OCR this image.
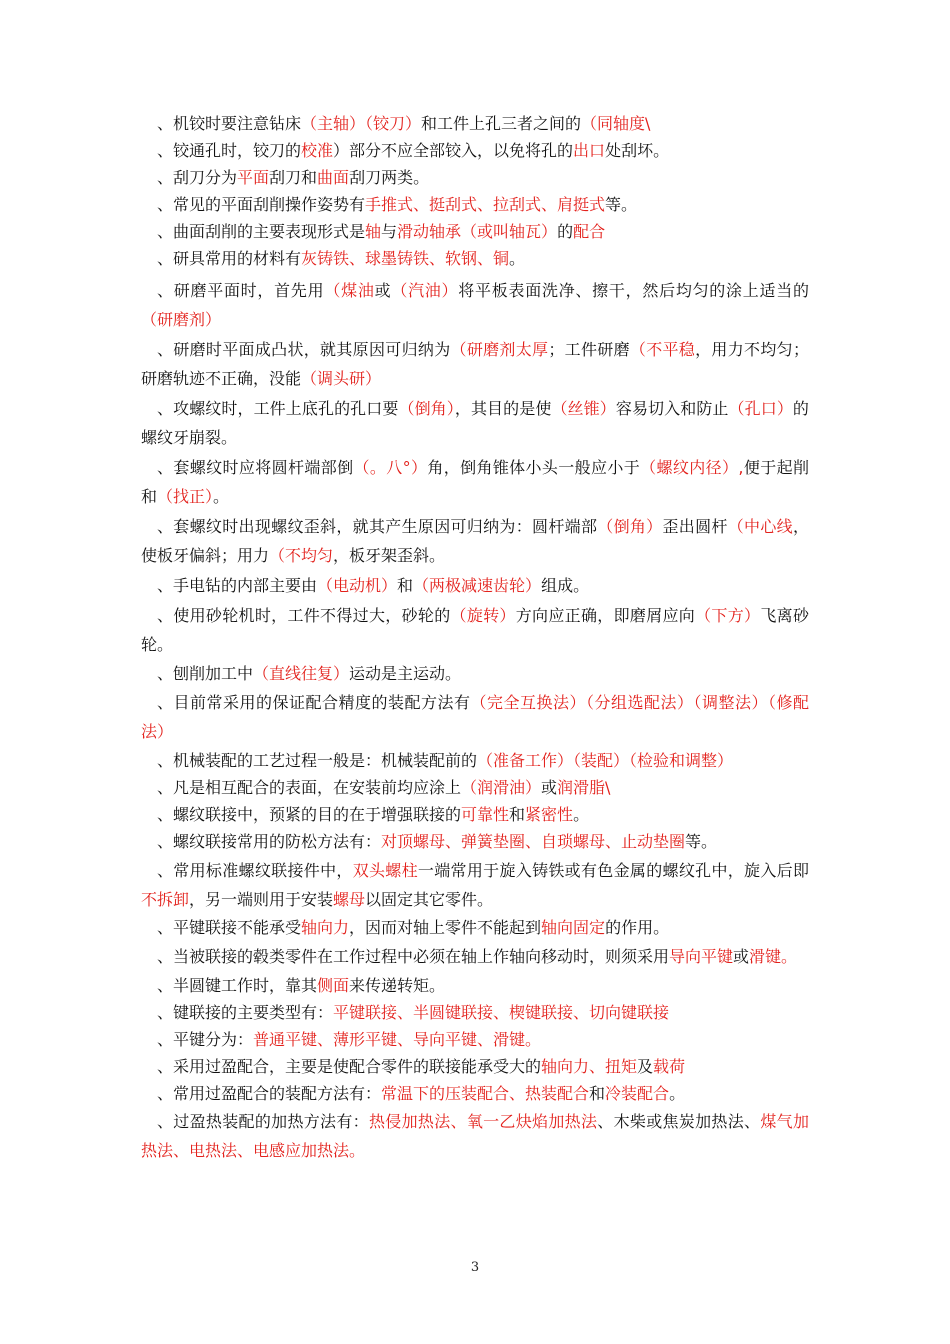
、机铰时要注意钻床（主轴）（铰刀）和工件上孔三者之间的（同轴度\
、铰通孔时，铰刀的校准）部分不应全部铰入，以免将孔的出口处刮坏。
、刮刀分为平面刮刀和曲面刮刀两类。
、常见的平面刮削操作姿势有手推式、挺刮式、拉刮式、肩挺式等。
、曲面刮削的主要表现形式是轴与滑动轴承（或叫轴瓦）的配合
、研具常用的材料有灰铸铁、球墨铸铁、软钢、铜。
、研磨平面时，首先用（煤油或（汽油）将平板表面洗净、擦干，然后均匀的涂上适当的（研磨剂）
、研磨时平面成凸状，就其原因可归纳为（研磨剂太厚；工件研磨（不平稳，用力不均匀；研磨轨迹不正确，没能（调头研）
、攻螺纹时，工件上底孔的孔口要（倒角），其目的是使（丝锥）容易切入和防止（孔口）的螺纹牙崩裂。
、套螺纹时应将圆杆端部倒（。八°）角，倒角锥体小头一般应小于（螺纹内径）,便于起削和（找正）。
、套螺纹时出现螺纹歪斜，就其产生原因可归纳为：圆杆端部（倒角）歪出圆杆（中心线，使板牙偏斜；用力（不均匀，板牙架歪斜。
、手电钻的内部主要由（电动机）和（两极减速齿轮）组成。
、使用砂轮机时，工件不得过大，砂轮的（旋转）方向应正确，即磨屑应向（下方）飞离砂轮。
、刨削加工中（直线往复）运动是主运动。
、目前常采用的保证配合精度的装配方法有（完全互换法）（分组选配法）（调整法）（修配法）
、机械装配的工艺过程一般是：机械装配前的（准备工作）（装配）（检验和调整）
、凡是相互配合的表面，在安装前均应涂上（润滑油）或润滑脂\
、螺纹联接中，预紧的目的在于增强联接的可靠性和紧密性。
、螺纹联接常用的防松方法有：对顶螺母、弹簧垫圈、自琐螺母、止动垫圈等。
、常用标准螺纹联接件中，双头螺柱一端常用于旋入铸铁或有色金属的螺纹孔中，旋入后即不拆卸，另一端则用于安装螺母以固定其它零件。
、平键联接不能承受轴向力，因而对轴上零件不能起到轴向固定的作用。
、当被联接的毂类零件在工作过程中必须在轴上作轴向移动时，则须采用导向平键或滑键。
、半圆键工作时，靠其侧面来传递转矩。
、键联接的主要类型有：平键联接、半圆键联接、楔键联接、切向键联接
、平键分为：普通平键、薄形平键、导向平键、滑键。
、采用过盈配合，主要是使配合零件的联接能承受大的轴向力、扭矩及载荷
、常用过盈配合的装配方法有：常温下的压装配合、热装配合和冷装配合。
、过盈热装配的加热方法有：热侵加热法、氧一乙炔焰加热法、木柴或焦炭加热法、煤气加热法、电热法、电感应加热法。
3
